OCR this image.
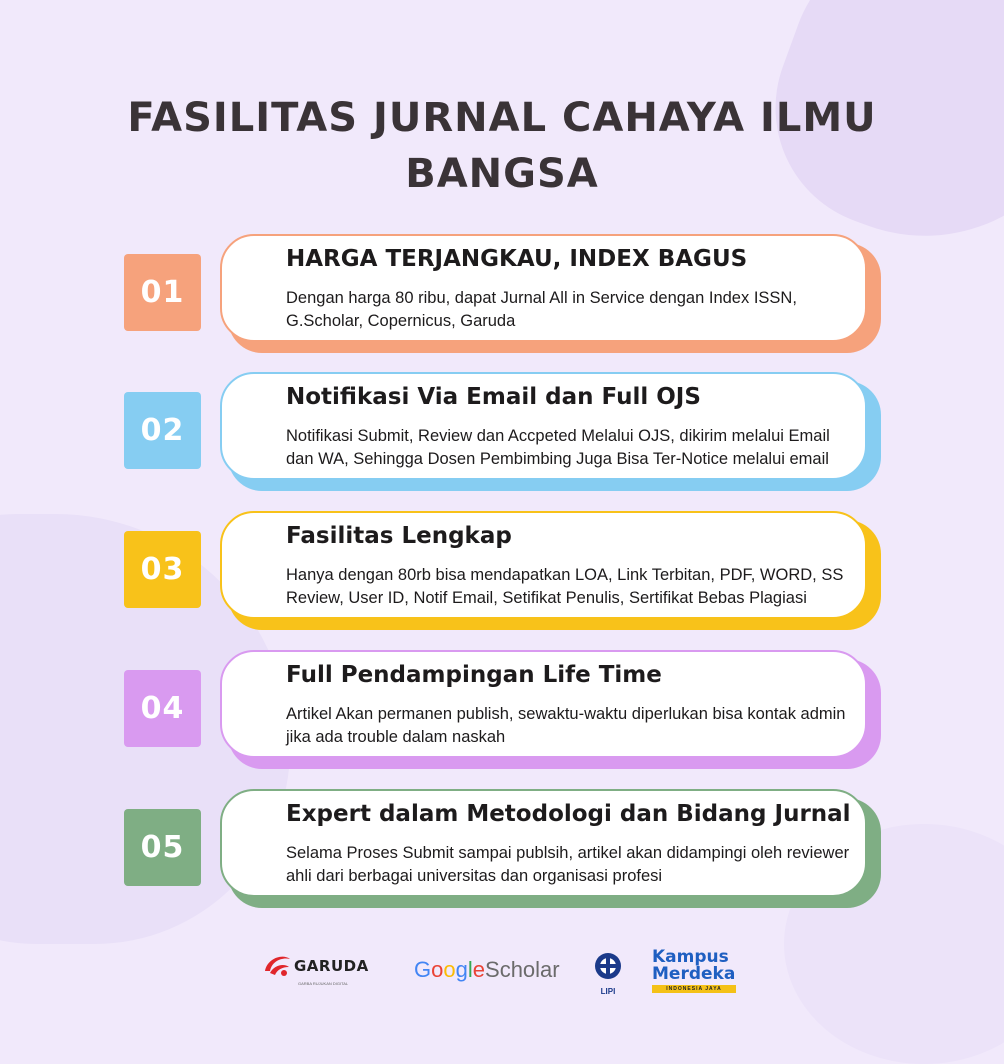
FASILITAS JURNAL CAHAYA ILMU
BANGSA
01
HARGA TERJANGKAU, INDEX BAGUS
Dengan harga 80 ribu, dapat Jurnal All in Service dengan Index ISSN, G.Scholar, Copernicus, Garuda
02
Notifikasi Via Email dan Full OJS
Notifikasi Submit, Review dan Accpeted Melalui OJS, dikirim melalui Email dan WA, Sehingga Dosen Pembimbing Juga Bisa Ter-Notice melalui email
03
Fasilitas Lengkap
Hanya dengan 80rb bisa mendapatkan LOA, Link Terbitan, PDF, WORD, SS Review, User ID, Notif Email, Setifikat Penulis, Sertifikat Bebas Plagiasi
04
Full Pendampingan Life Time
Artikel Akan permanen publish, sewaktu-waktu diperlukan bisa kontak admin jika ada trouble dalam naskah
05
Expert dalam Metodologi dan Bidang Jurnal
Selama Proses Submit sampai publsih, artikel akan didampingi oleh reviewer ahli dari berbagai universitas dan organisasi profesi
GARUDA
GARBA RUJUKAN DIGITAL
GoogleScholar
LIPI
Kampus
Merdeka
INDONESIA JAYA
